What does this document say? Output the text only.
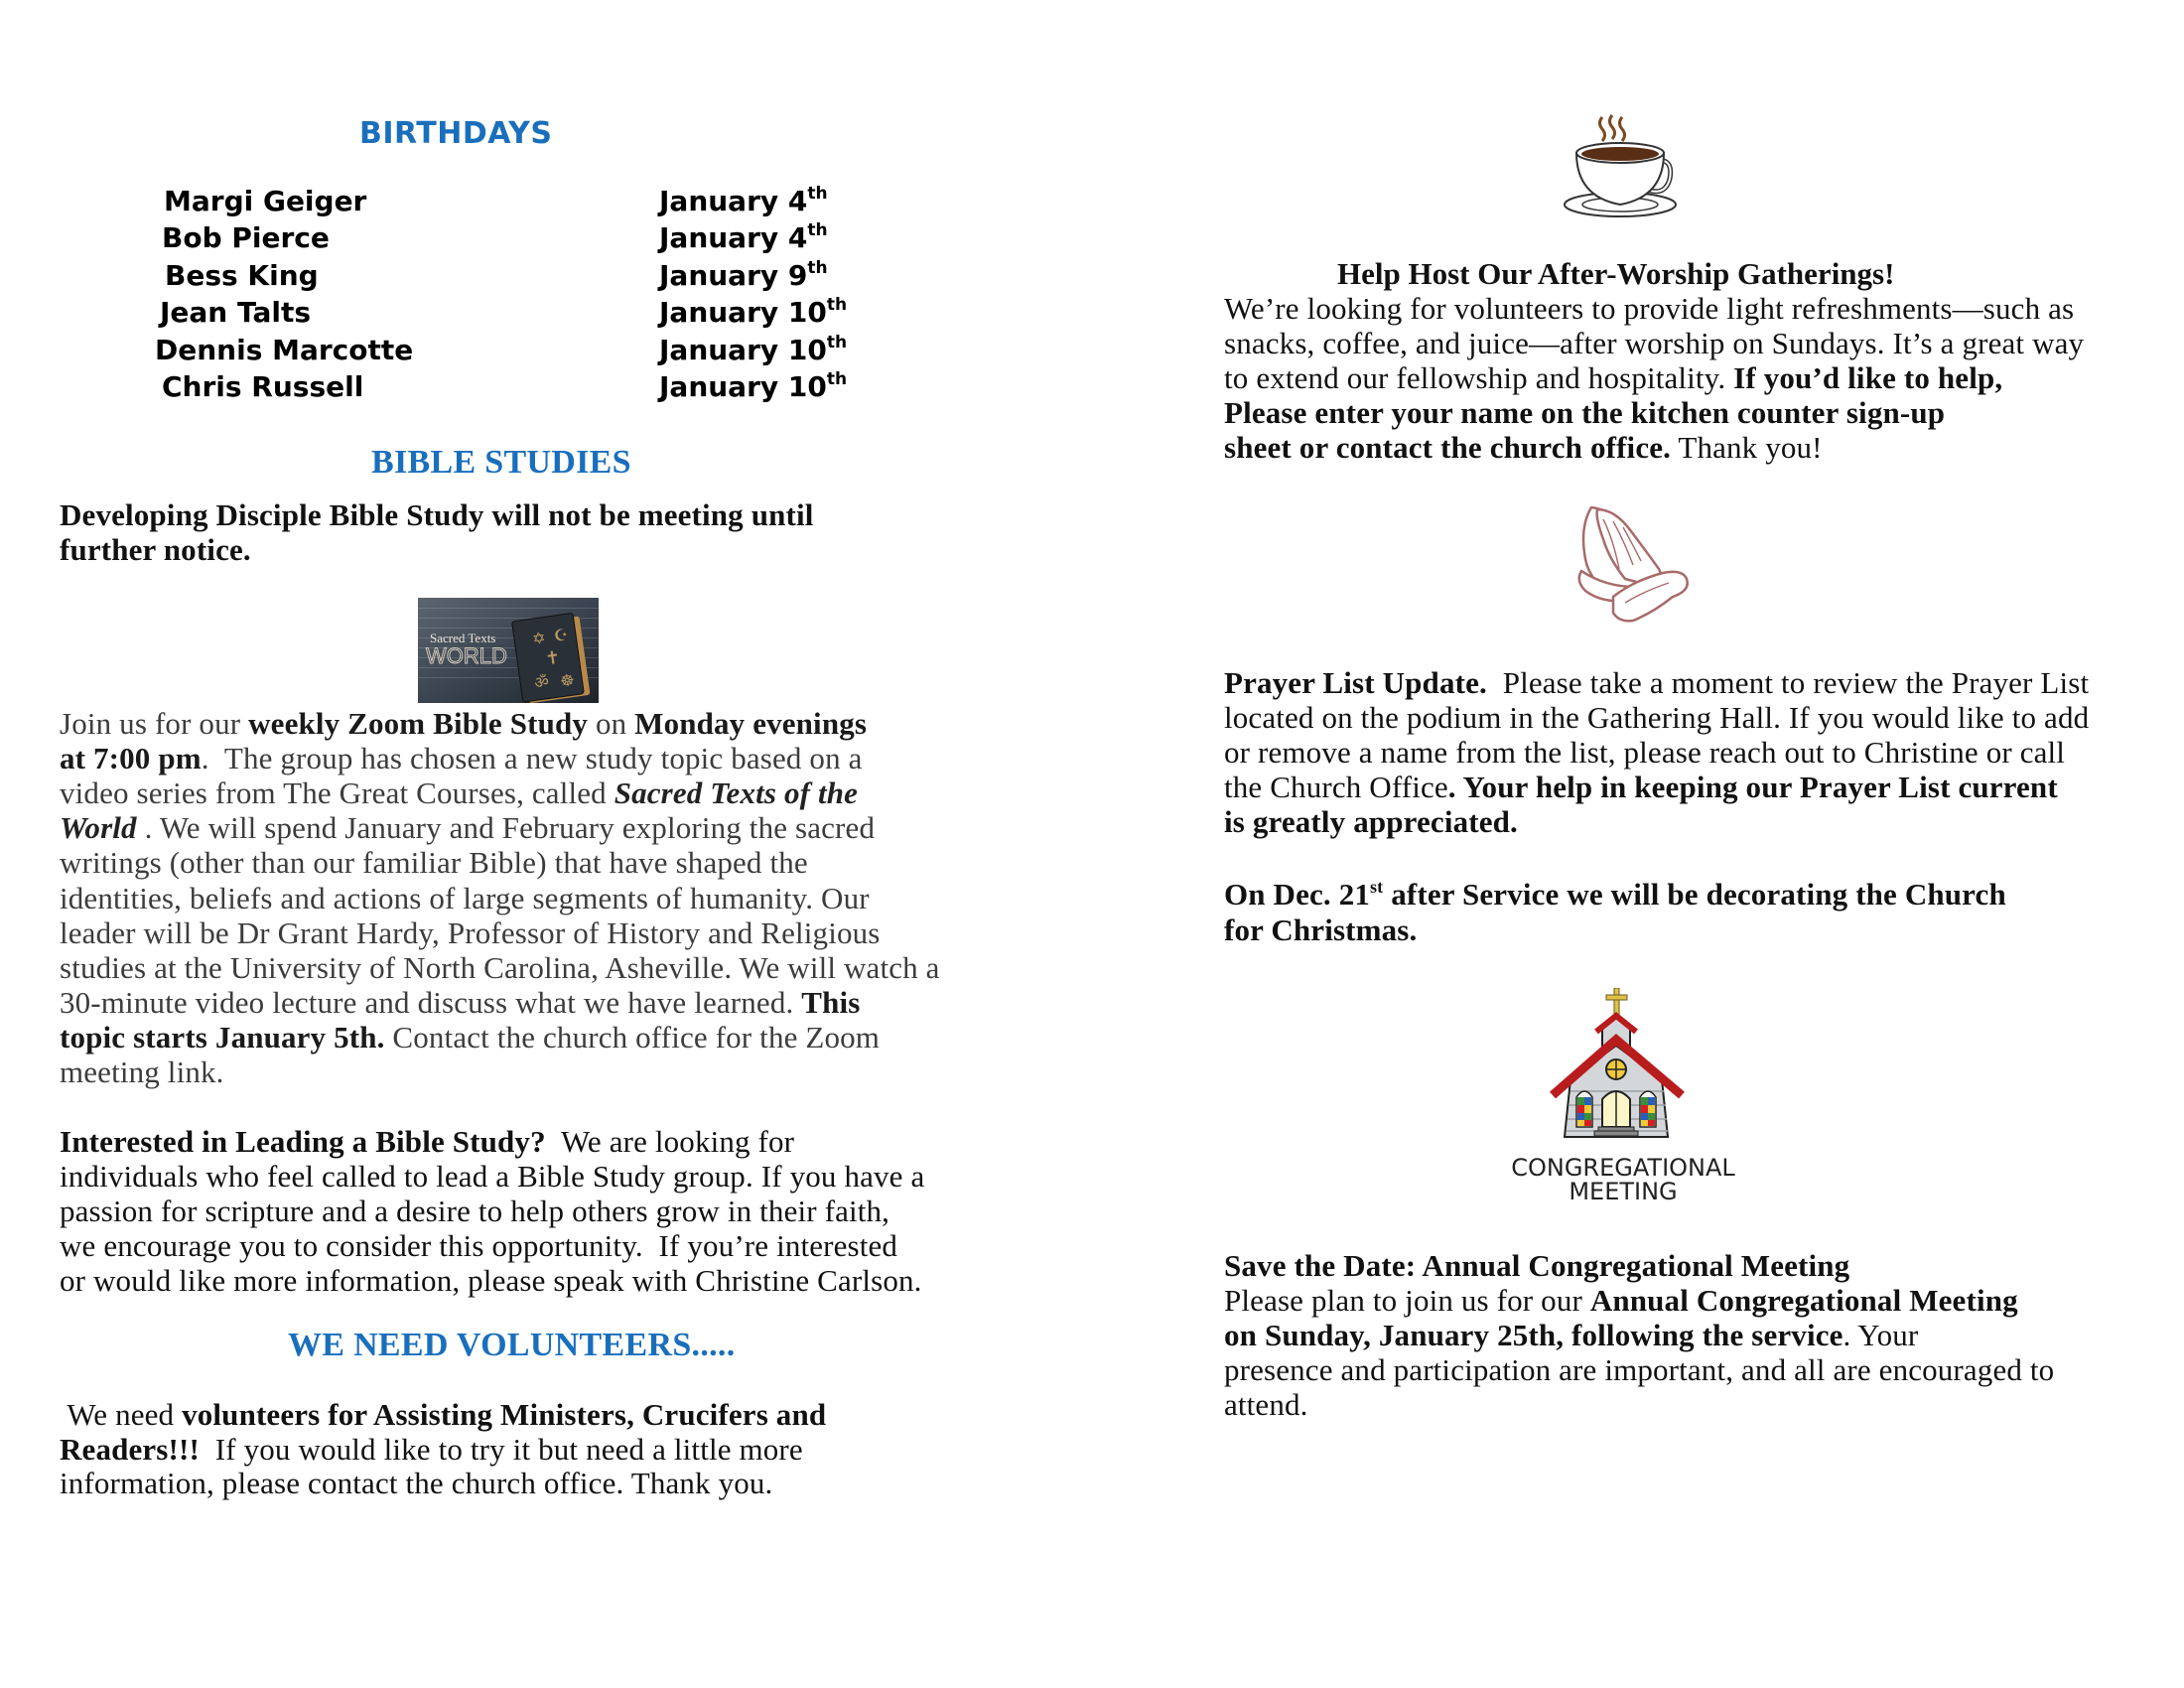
BIRTHDAYS
Margi Geiger	January 4th
Bob Pierce	January 4th
Bess King	January 9th
Jean Talts	January 10th
Dennis Marcotte	January 10th
Chris Russell	January 10th
BIBLE STUDIES
Developing Disciple Bible Study will not be meeting until
further notice.
✡ ☪
✝
ॐ ☸
Sacred Texts
WORLD
Join us for our weekly Zoom Bible Study on Monday evenings
at 7:00 pm.  The group has chosen a new study topic based on a
video series from The Great Courses, called Sacred Texts of the
World . We will spend January and February exploring the sacred
writings (other than our familiar Bible) that have shaped the
identities, beliefs and actions of large segments of humanity. Our
leader will be Dr Grant Hardy, Professor of History and Religious
studies at the University of North Carolina, Asheville. We will watch a
30-minute video lecture and discuss what we have learned. This
topic starts January 5th. Contact the church office for the Zoom
meeting link.
Interested in Leading a Bible Study?  We are looking for
individuals who feel called to lead a Bible Study group. If you have a
passion for scripture and a desire to help others grow in their faith,
we encourage you to consider this opportunity.  If you’re interested
or would like more information, please speak with Christine Carlson.
WE NEED VOLUNTEERS.....
We need volunteers for Assisting Ministers, Crucifers and
Readers!!!  If you would like to try it but need a little more
information, please contact the church office. Thank you.
Help Host Our After-Worship Gatherings!
We’re looking for volunteers to provide light refreshments—such as
snacks, coffee, and juice—after worship on Sundays. It’s a great way
to extend our fellowship and hospitality. If you’d like to help,
Please enter your name on the kitchen counter sign-up
sheet or contact the church office. Thank you!
Prayer List Update.  Please take a moment to review the Prayer List
located on the podium in the Gathering Hall. If you would like to add
or remove a name from the list, please reach out to Christine or call
the Church Office. Your help in keeping our Prayer List current
is greatly appreciated.
On Dec. 21st after Service we will be decorating the Church
for Christmas.
CONGREGATIONAL
MEETING
Save the Date: Annual Congregational Meeting
Please plan to join us for our Annual Congregational Meeting
on Sunday, January 25th, following the service. Your
presence and participation are important, and all are encouraged to
attend.
